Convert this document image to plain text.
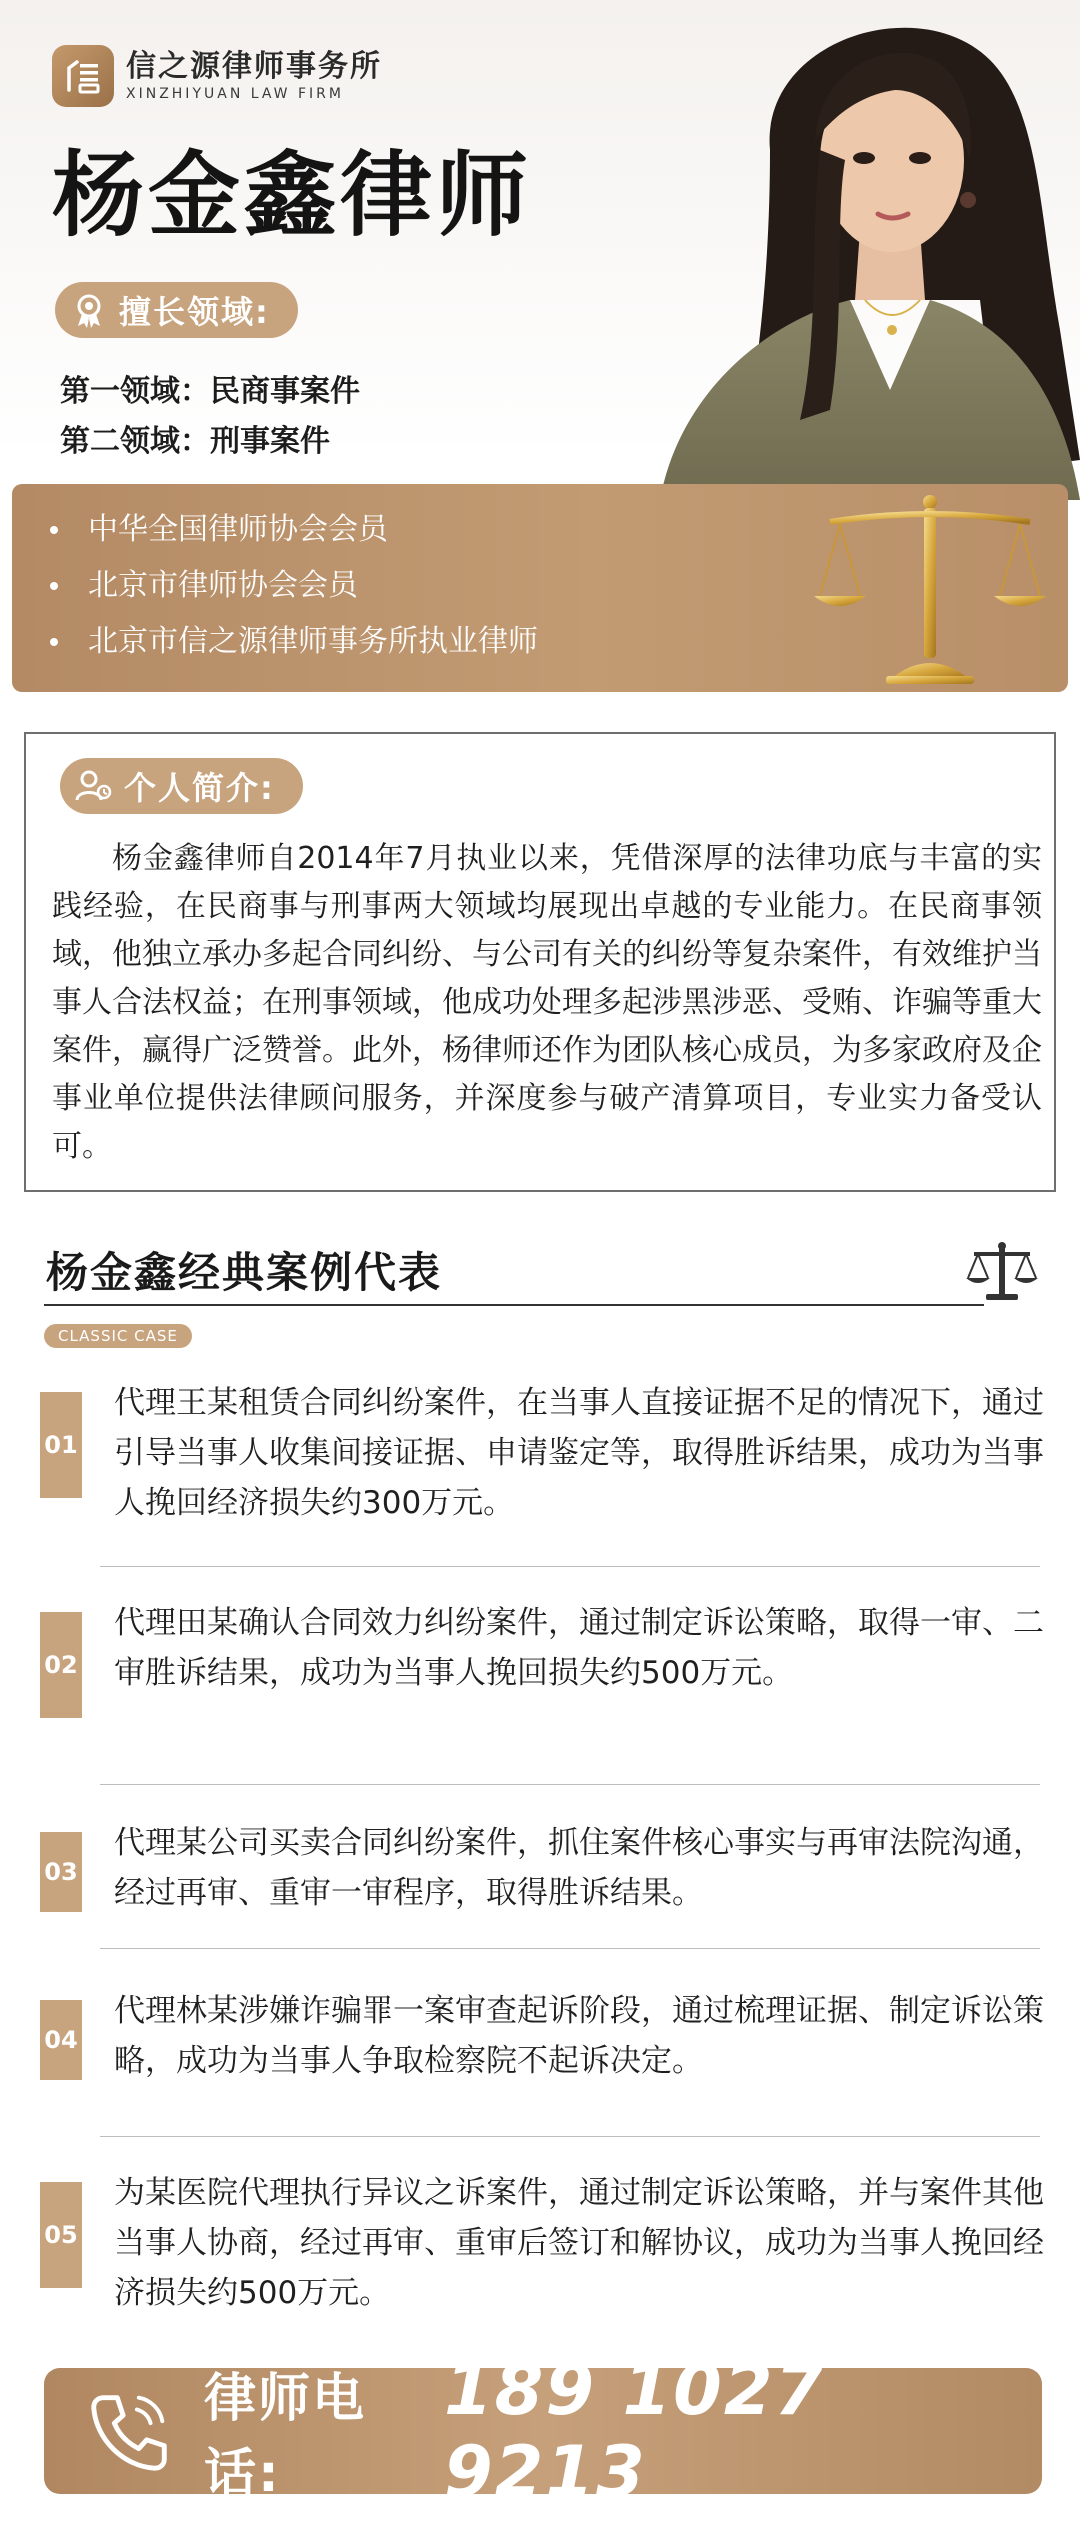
信之源律师事务所
XINZHIYUAN LAW FIRM
杨金鑫律师
擅长领域:
第一领域：民商事案件
第二领域：刑事案件
中华全国律师协会会员
北京市律师协会会员
北京市信之源律师事务所执业律师
个人简介:

杨金鑫律师自2014年7月执业以来，凭借深厚的法律功底与丰富的实践经验，在民商事与刑事两大领域均展现出卓越的专业能力。在民商事领域，他独立承办多起合同纠纷、与公司有关的纠纷等复杂案件，有效维护当事人合法权益；在刑事领域，他成功处理多起涉黑涉恶、受贿、诈骗等重大案件，赢得广泛赞誉。此外，杨律师还作为团队核心成员，为多家政府及企事业单位提供法律顾问服务，并深度参与破产清算项目，专业实力备受认可。

杨金鑫经典案例代表
CLASSIC CASE
01
代理王某租赁合同纠纷案件，在当事人直接证据不足的情况下，通过引导当事人收集间接证据、申请鉴定等，取得胜诉结果，成功为当事人挽回经济损失约300万元。
02
代理田某确认合同效力纠纷案件，通过制定诉讼策略，取得一审、二审胜诉结果，成功为当事人挽回损失约500万元。
03
代理某公司买卖合同纠纷案件，抓住案件核心事实与再审法院沟通，经过再审、重审一审程序，取得胜诉结果。
04
代理林某涉嫌诈骗罪一案审查起诉阶段，通过梳理证据、制定诉讼策略，成功为当事人争取检察院不起诉决定。
05
为某医院代理执行异议之诉案件，通过制定诉讼策略，并与案件其他当事人协商，经过再审、重审后签订和解协议，成功为当事人挽回经济损失约500万元。
律师电话:
189 1027 9213
